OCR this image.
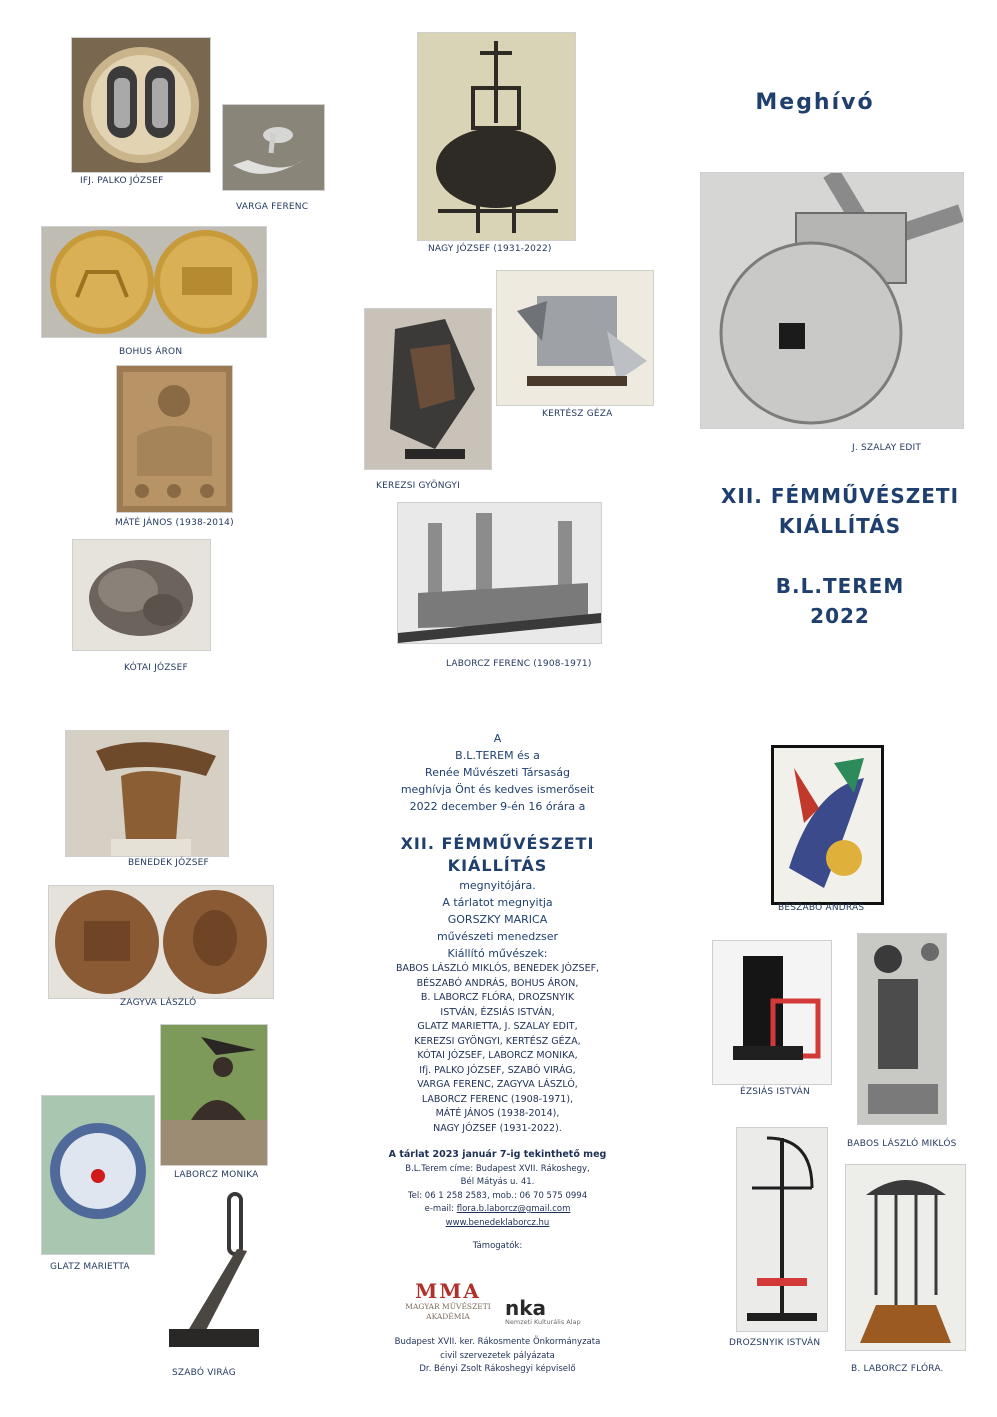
Meghívó
XII. FÉMMŰVÉSZETI
KIÁLLÍTÁS
B.L.TEREM
2022
IFJ. PALKO JÓZSEF
VARGA FERENC
BOHUS ÁRON
MÁTÉ JÁNOS (1938-2014)
KÓTAI JÓZSEF
NAGY JÓZSEF (1931-2022)
KEREZSI GYÖNGYI
KERTÉSZ GÉZA
LABORCZ FERENC (1908-1971)
J. SZALAY EDIT
BENEDEK JÓZSEF
ZAGYVA LÁSZLÓ
LABORCZ MONIKA
GLATZ MARIETTA
SZABÓ VIRÁG
BÉSZABÓ ANDRÁS
ÉZSIÁS ISTVÁN
BABOS LÁSZLÓ MIKLÓS
DROZSNYIK ISTVÁN
B. LABORCZ FLÓRA.
A
B.L.TEREM és a
Renée Művészeti Társaság
meghívja Önt és kedves ismerőseit
2022 december 9-én 16 órára a
XII. FÉMMŰVÉSZETI
KIÁLLÍTÁS
megnyitójára.
A tárlatot megnyitja
GORSZKY MARICA
művészeti menedzser
Kiállító művészek:
BABOS LÁSZLÓ MIKLÓS, BENEDEK JÓZSEF,
BÉSZABÓ ANDRÁS, BOHUS ÁRON,
B. LABORCZ FLÓRA, DROZSNYIK
ISTVÁN, ÉZSIÁS ISTVÁN,
GLATZ MARIETTA, J. SZALAY EDIT,
KEREZSI GYÖNGYI, KERTÉSZ GÉZA,
KÓTAI JÓZSEF, LABORCZ MONIKA,
Ifj. PALKO JÓZSEF, SZABÓ VIRÁG,
VARGA FERENC, ZAGYVA LÁSZLÓ,
LABORCZ FERENC (1908-1971),
MÁTÉ JÁNOS (1938-2014),
NAGY JÓZSEF (1931-2022).
A tárlat 2023 január 7-ig tekinthető meg
B.L.Terem címe: Budapest XVII. Rákoshegy,
Bél Mátyás u. 41.
Tel: 06 1 258 2583, mob.: 06 70 575 0994
e-mail: flora.b.laborcz@gmail.com
www.benedeklaborcz.hu
Támogatók:
MMA
MAGYAR MŰVÉSZETI
AKADÉMIA	nka
Nemzeti Kulturális Alap
Budapest XVII. ker. Rákosmente Önkormányzata
civil szervezetek pályázata
Dr. Bényi Zsolt Rákoshegyi képviselő
